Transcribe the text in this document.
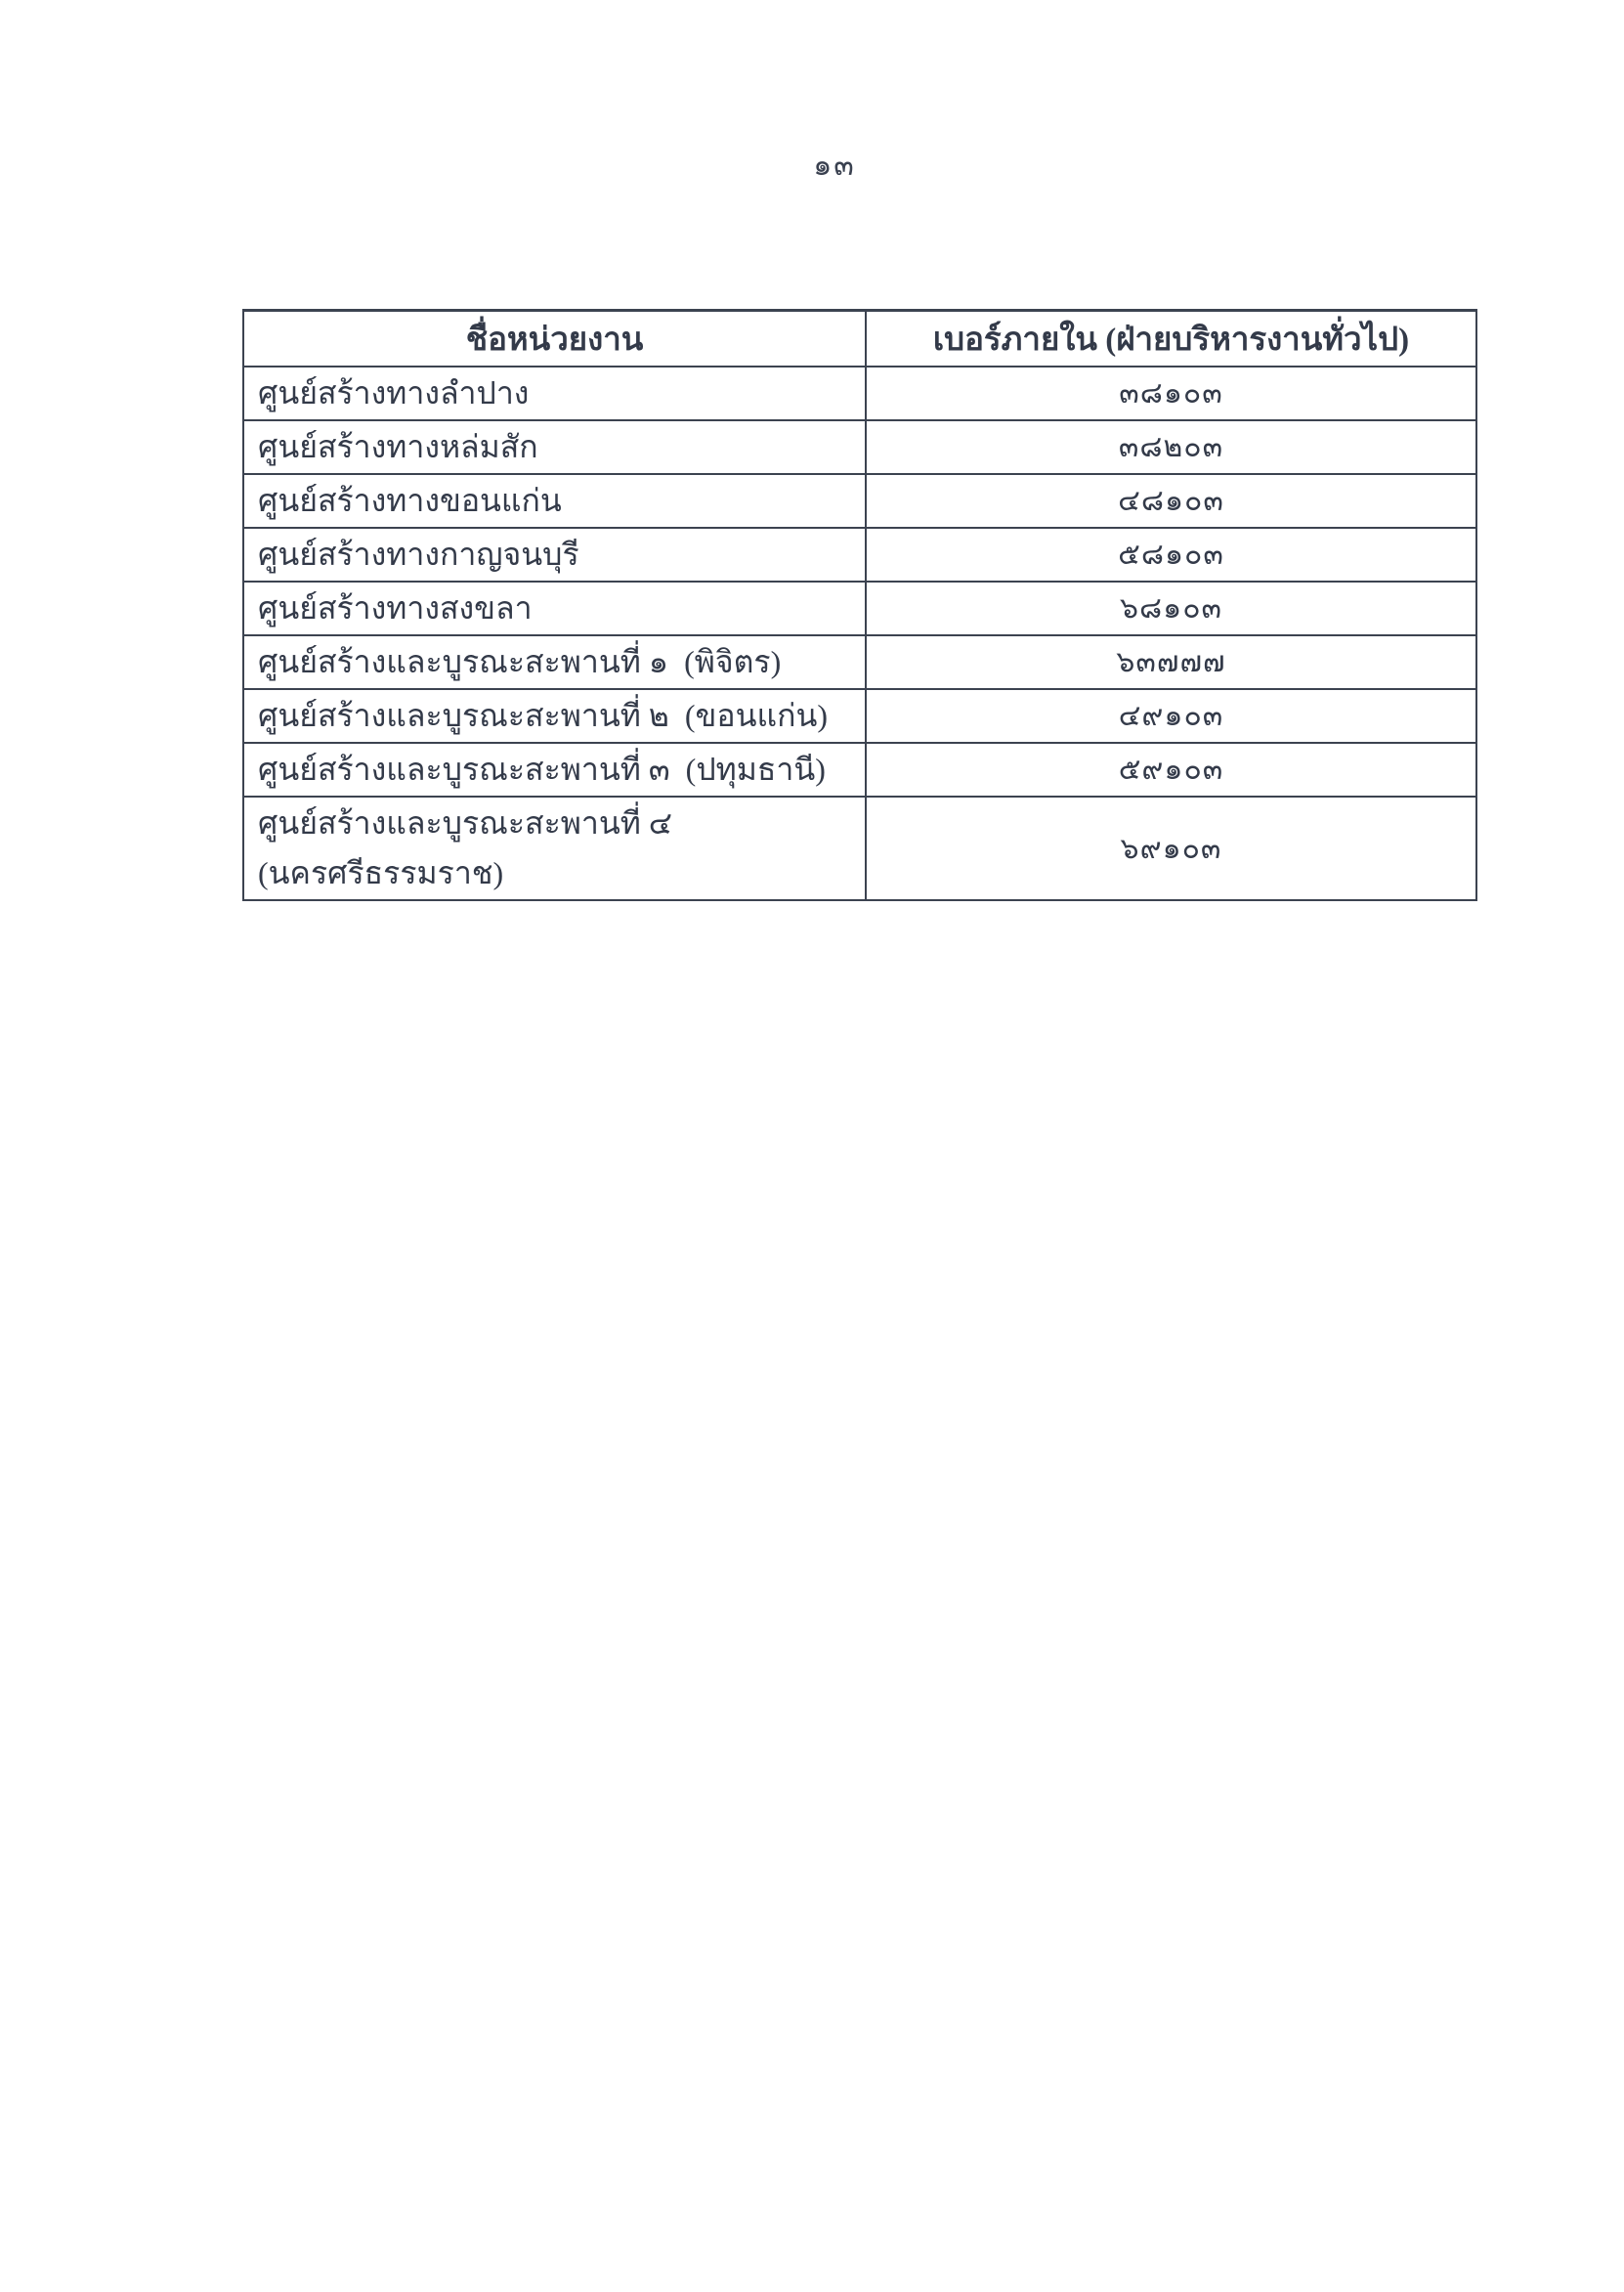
๑๓
ชื่อหน่วยงาน	เบอร์ภายใน (ฝ่ายบริหารงานทั่วไป)
ศูนย์สร้างทางลำปาง	๓๘๑๐๓
ศูนย์สร้างทางหล่มสัก	๓๘๒๐๓
ศูนย์สร้างทางขอนแก่น	๔๘๑๐๓
ศูนย์สร้างทางกาญจนบุรี	๕๘๑๐๓
ศูนย์สร้างทางสงขลา	๖๘๑๐๓
ศูนย์สร้างและบูรณะสะพานที่ ๑  (พิจิตร)	๖๓๗๗๗
ศูนย์สร้างและบูรณะสะพานที่ ๒  (ขอนแก่น)	๔๙๑๐๓
ศูนย์สร้างและบูรณะสะพานที่ ๓  (ปทุมธานี)	๕๙๑๐๓
ศูนย์สร้างและบูรณะสะพานที่ ๔ (นครศรีธรรมราช)	๖๙๑๐๓
